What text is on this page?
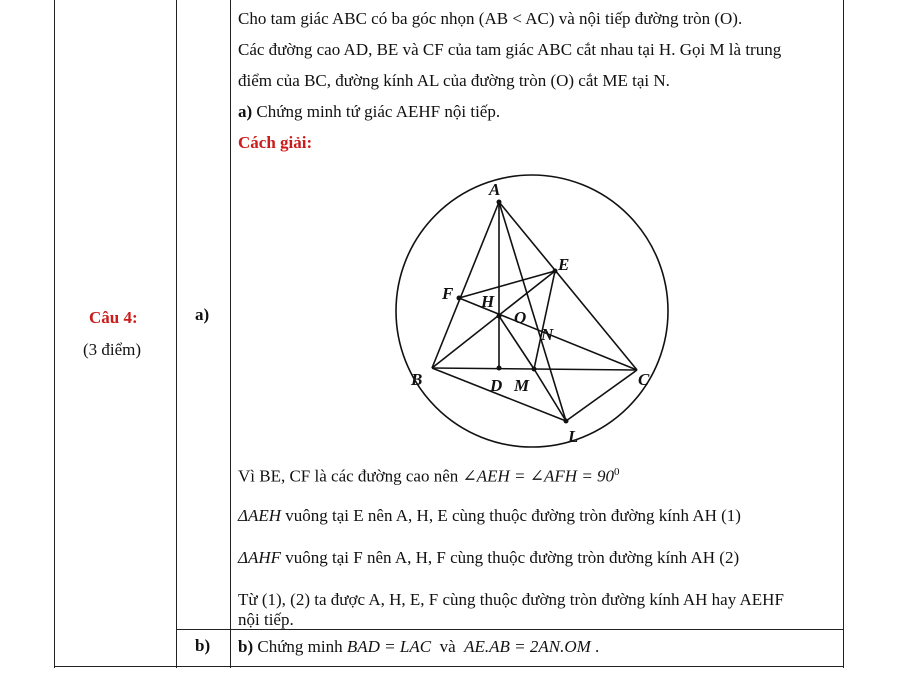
Câu 4:
(3 điểm)
a)
b)
Cho tam giác ABC có ba góc nhọn (AB < AC) và nội tiếp đường tròn (O).
Các đường cao AD, BE và CF của tam giác ABC cắt nhau tại H. Gọi M là trung
điểm của BC, đường kính AL của đường tròn (O) cắt ME tại N.
a) Chứng minh tứ giác AEHF nội tiếp.
Cách giải:
A
E
F H
O
N
B	C
D M
L
Vì BE, CF là các đường cao nên ∠AEH = ∠AFH = $90^0$
ΔAEH vuông tại E nên A, H, E cùng thuộc đường tròn đường kính AH (1)
ΔAHF vuông tại F nên A, H, F cùng thuộc đường tròn đường kính AH (2)
Từ (1), (2) ta được A, H, E, F cùng thuộc đường tròn đường kính AH hay AEHF
nội tiếp.
b) Chứng minh BAD = LAC  và  AE.AB = 2AN.OM .
